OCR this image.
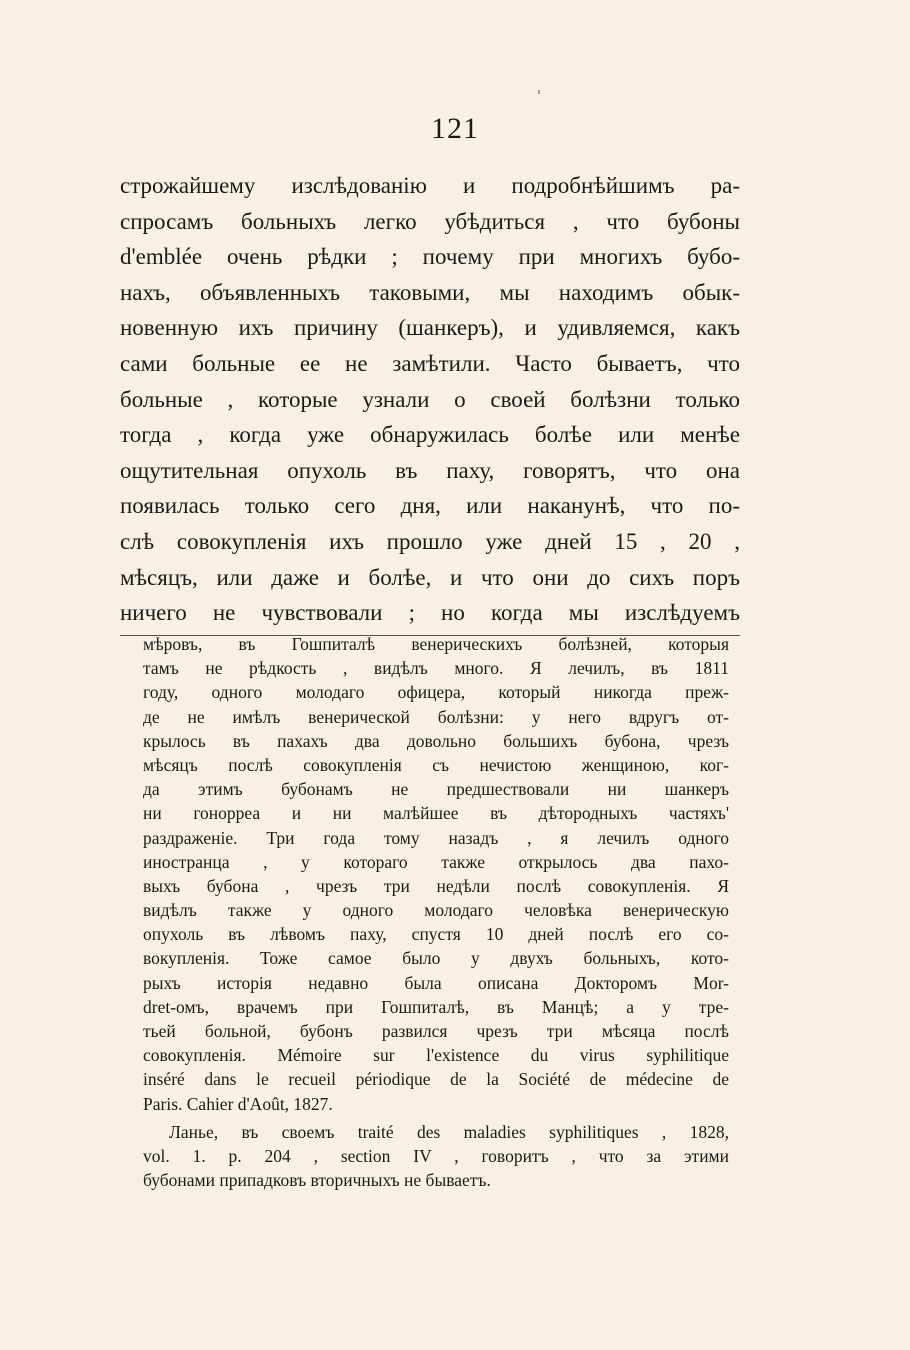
121
строжайшему изслѣдованію и подробнѣйшимъ ра-
спросамъ больныхъ легко убѣдиться , что бубоны
d'emblée очень рѣдки ; почему при многихъ бубо-
нахъ, объявленныхъ таковыми, мы находимъ обык-
новенную ихъ причину (шанкеръ), и удивляемся, какъ
сами больные ее не замѣтили. Часто бываетъ, что
больные , которые узнали о своей болѣзни только
тогда , когда уже обнаружилась болѣе или менѣе
ощутительная опухоль въ паху, говорятъ, что она
появилась только сего дня, или наканунѣ, что по-
слѣ совокупленія ихъ прошло уже дней 15 , 20 ,
мѣсяцъ, или даже и болѣе, и что они до сихъ поръ
ничего не чувствовали ; но когда мы изслѣдуемъ
мѣровъ, въ Гошпиталѣ венерическихъ болѣзней, которыя
тамъ не рѣдкость , видѣлъ много. Я лечилъ, въ 1811
году, одного молодаго офицера, который никогда преж-
де не имѣлъ венерической болѣзни: у него вдругъ от-
крылось въ пахахъ два довольно большихъ бубона, чрезъ
мѣсяцъ послѣ совокупленія съ нечистою женщиною, ког-
да этимъ бубонамъ не предшествовали ни шанкеръ
ни гонорреа и ни малѣйшее въ дѣтородныхъ частяхъ'
раздраженіе. Три года тому назадъ , я лечилъ одного
иностранца , у котораго также открылось два пахо-
выхъ бубона , чрезъ три недѣли послѣ совокупленія. Я
видѣлъ также у одного молодаго человѣка венерическую
опухоль въ лѣвомъ паху, спустя 10 дней послѣ его со-
вокупленія. Тоже самое было у двухъ больныхъ, кото-
рыхъ исторія недавно была описана Докторомъ Mor-
dret-омъ, врачемъ при Гошпиталѣ, въ Манцѣ; а у тре-
тьей больной, бубонъ развился чрезъ три мѣсяца послѣ
совокупленія. Mémoire sur l'existence du virus syphilitique
inséré dans le recueil périodique de la Société de médecine de
Paris. Cahier d'Août, 1827.
Ланье, въ своемъ traité des maladies syphilitiques , 1828,
vol. 1. p. 204 , section IV , говоритъ , что за этими
бубонами припадковъ вторичныхъ не бываетъ.
